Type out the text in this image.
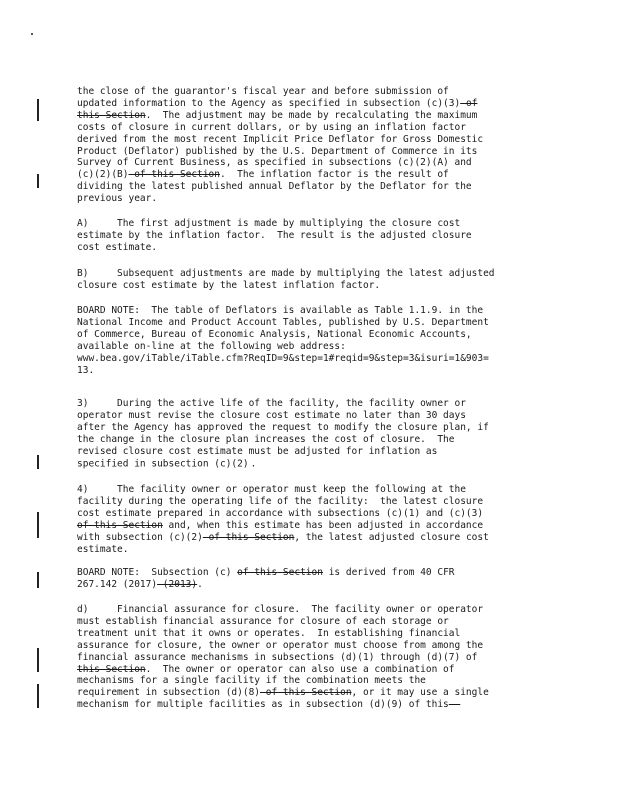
the close of the guarantor's fiscal year and before submission of
updated information to the Agency as specified in subsection (c)(3) of
this Section.  The adjustment may be made by recalculating the maximum
costs of closure in current dollars, or by using an inflation factor
derived from the most recent Implicit Price Deflator for Gross Domestic
Product (Deflator) published by the U.S. Department of Commerce in its
Survey of Current Business, as specified in subsections (c)(2)(A) and
(c)(2)(B) of this Section.  The inflation factor is the result of
dividing the latest published annual Deflator by the Deflator for the
previous year.

A)     The first adjustment is made by multiplying the closure cost
estimate by the inflation factor.  The result is the adjusted closure
cost estimate.

B)     Subsequent adjustments are made by multiplying the latest adjusted
closure cost estimate by the latest inflation factor.

BOARD NOTE:  The table of Deflators is available as Table 1.1.9. in the
National Income and Product Account Tables, published by U.S. Department
of Commerce, Bureau of Economic Analysis, National Economic Accounts,
available on-line at the following web address:
www.bea.gov/iTable/iTable.cfm?ReqID=9&step=1#reqid=9&step=3&isuri=1&903=
13.

3)     During the active life of the facility, the facility owner or
operator must revise the closure cost estimate no later than 30 days
after the Agency has approved the request to modify the closure plan, if
the change in the closure plan increases the cost of closure.  The
revised closure cost estimate must be adjusted for inflation as
specified in subsection (c)(2) .

4)     The facility owner or operator must keep the following at the
facility during the operating life of the facility:  the latest closure
cost estimate prepared in accordance with subsections (c)(1) and (c)(3)
of this Section and, when this estimate has been adjusted in accordance
with subsection (c)(2) of this Section, the latest adjusted closure cost
estimate.

BOARD NOTE:  Subsection (c) of this Section is derived from 40 CFR
267.142 (2017) (2013).

d)     Financial assurance for closure.  The facility owner or operator
must establish financial assurance for closure of each storage or
treatment unit that it owns or operates.  In establishing financial
assurance for closure, the owner or operator must choose from among the
financial assurance mechanisms in subsections (d)(1) through (d)(7) of
this Section.  The owner or operator can also use a combination of
mechanisms for a single facility if the combination meets the
requirement in subsection (d)(8) of this Section, or it may use a single
mechanism for multiple facilities as in subsection (d)(9) of this
